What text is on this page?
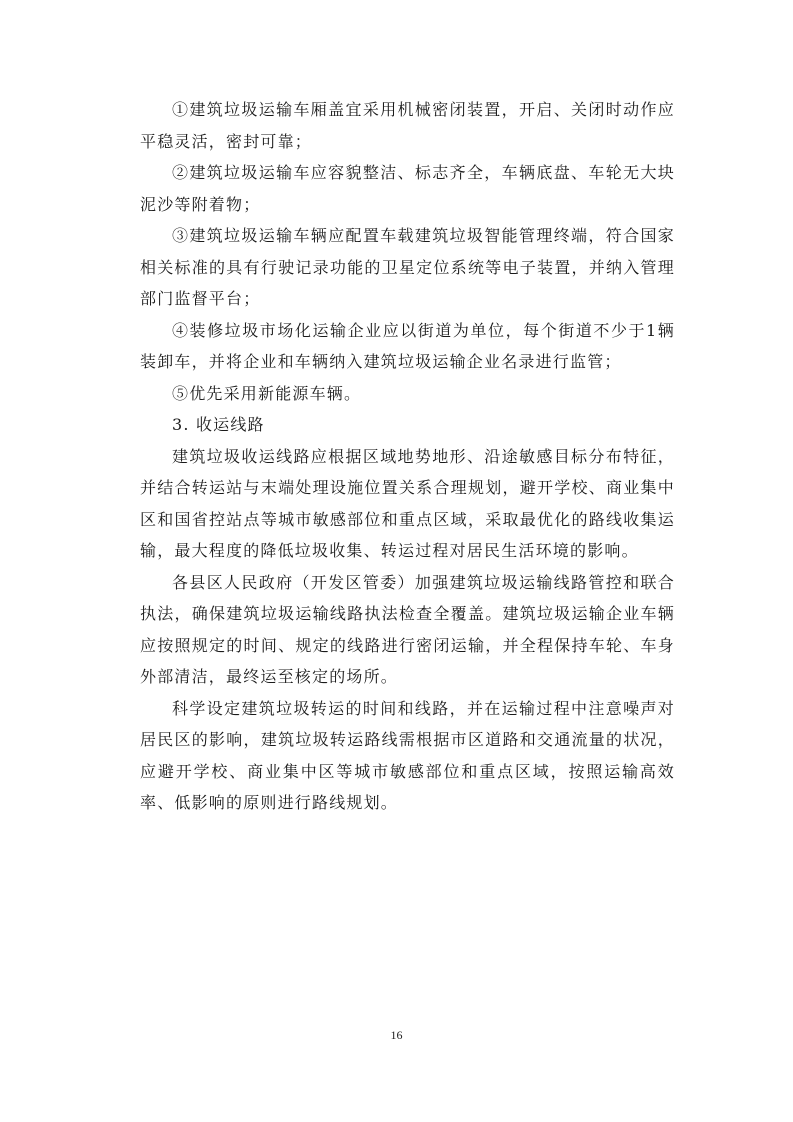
①建筑垃圾运输车厢盖宜采用机械密闭装置，开启、关闭时动作应平稳灵活，密封可靠；

②建筑垃圾运输车应容貌整洁、标志齐全，车辆底盘、车轮无大块泥沙等附着物；

③建筑垃圾运输车辆应配置车载建筑垃圾智能管理终端，符合国家相关标准的具有行驶记录功能的卫星定位系统等电子装置，并纳入管理部门监督平台；

④装修垃圾市场化运输企业应以街道为单位，每个街道不少于1辆装卸车，并将企业和车辆纳入建筑垃圾运输企业名录进行监管；

⑤优先采用新能源车辆。

3. 收运线路

建筑垃圾收运线路应根据区域地势地形、沿途敏感目标分布特征，并结合转运站与末端处理设施位置关系合理规划，避开学校、商业集中区和国省控站点等城市敏感部位和重点区域，采取最优化的路线收集运输，最大程度的降低垃圾收集、转运过程对居民生活环境的影响。

各县区人民政府（开发区管委）加强建筑垃圾运输线路管控和联合执法，确保建筑垃圾运输线路执法检查全覆盖。建筑垃圾运输企业车辆应按照规定的时间、规定的线路进行密闭运输，并全程保持车轮、车身外部清洁，最终运至核定的场所。

科学设定建筑垃圾转运的时间和线路，并在运输过程中注意噪声对居民区的影响，建筑垃圾转运路线需根据市区道路和交通流量的状况，应避开学校、商业集中区等城市敏感部位和重点区域，按照运输高效率、低影响的原则进行路线规划。

16
